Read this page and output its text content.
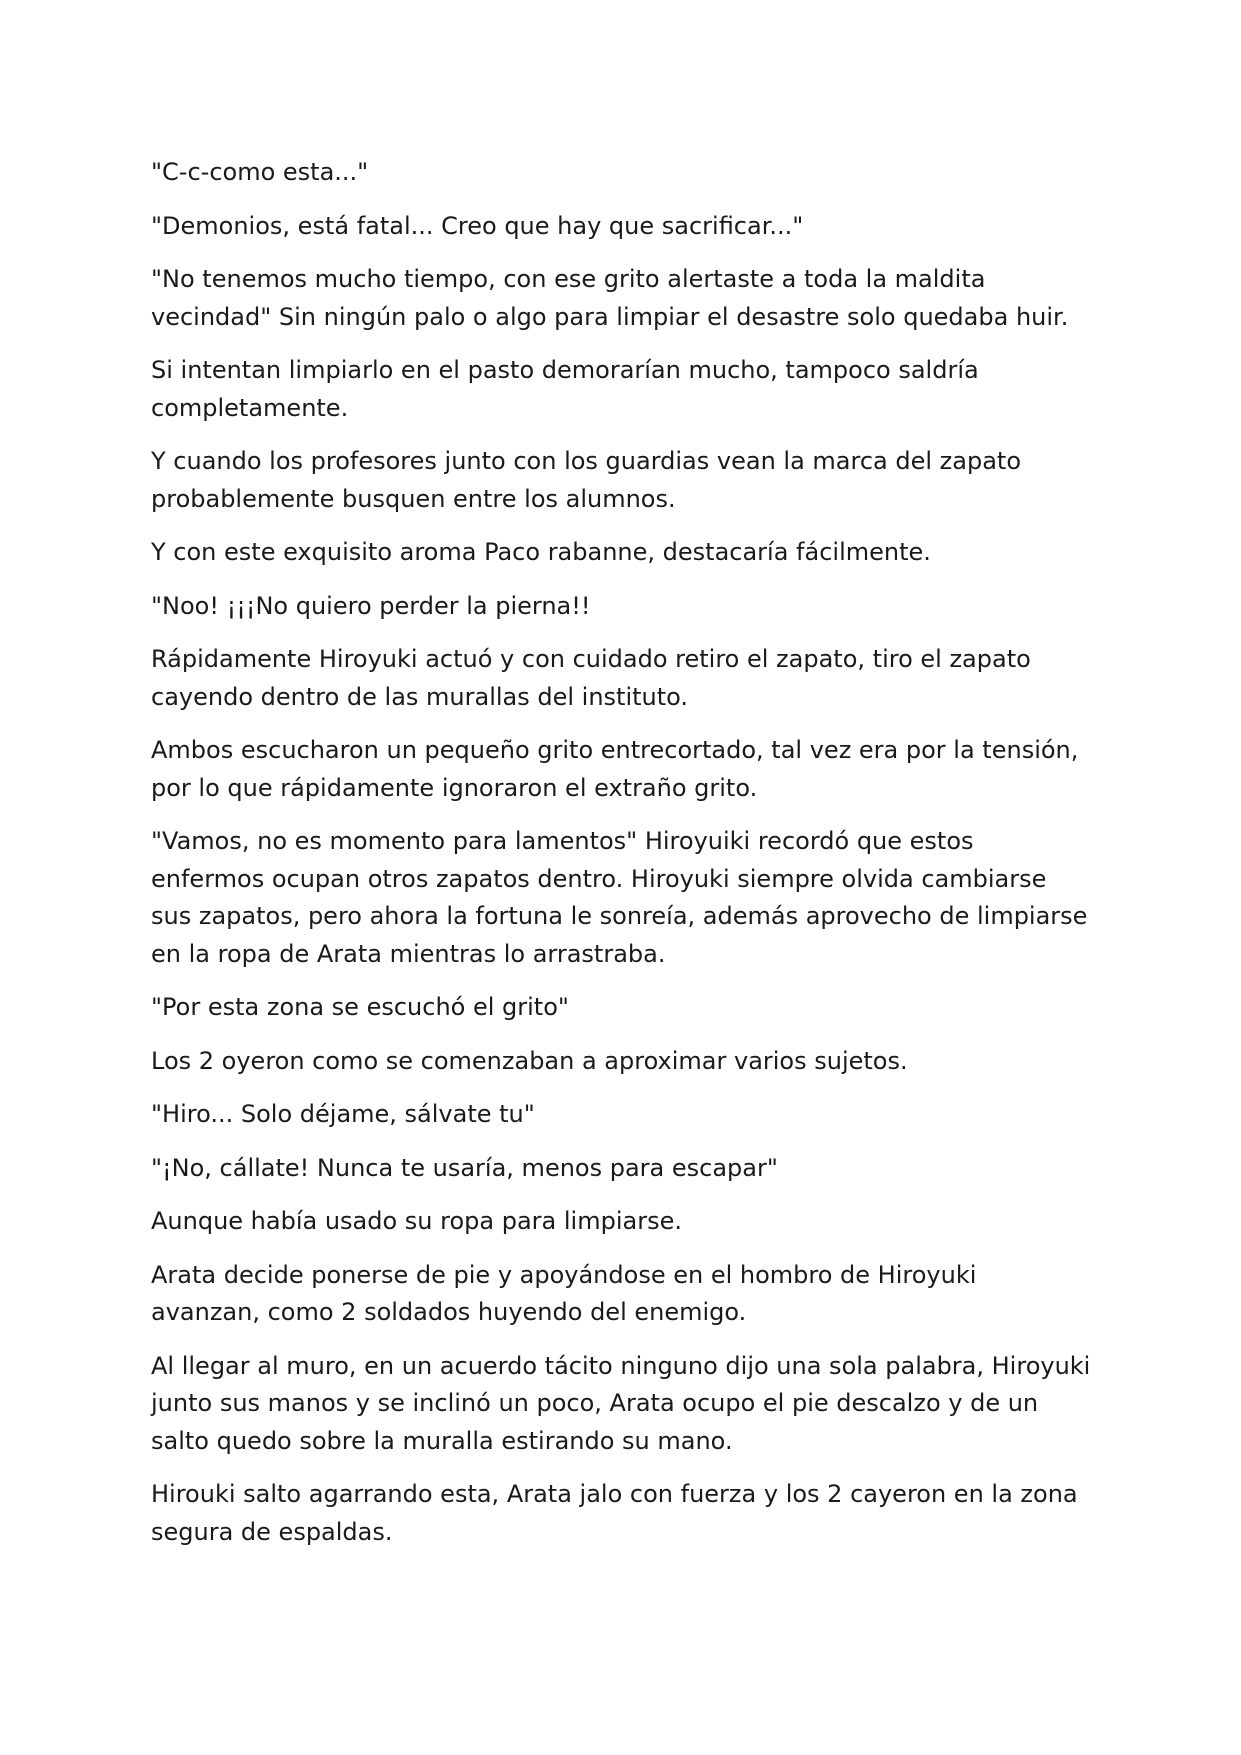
"C-c-como esta..."

"Demonios, está fatal... Creo que hay que sacrificar..."

"No tenemos mucho tiempo, con ese grito alertaste a toda la maldita vecindad" Sin ningún palo o algo para limpiar el desastre solo quedaba huir.

Si intentan limpiarlo en el pasto demorarían mucho, tampoco saldría completamente.

Y cuando los profesores junto con los guardias vean la marca del zapato probablemente busquen entre los alumnos.

Y con este exquisito aroma Paco rabanne, destacaría fácilmente.

"Noo! ¡¡¡No quiero perder la pierna!!

Rápidamente Hiroyuki actuó y con cuidado retiro el zapato, tiro el zapato cayendo dentro de las murallas del instituto.

Ambos escucharon un pequeño grito entrecortado, tal vez era por la tensión, por lo que rápidamente ignoraron el extraño grito.

"Vamos, no es momento para lamentos" Hiroyuiki recordó que estos enfermos ocupan otros zapatos dentro. Hiroyuki siempre olvida cambiarse sus zapatos, pero ahora la fortuna le sonreía, además aprovecho de limpiarse en la ropa de Arata mientras lo arrastraba.

"Por esta zona se escuchó el grito"

Los 2 oyeron como se comenzaban a aproximar varios sujetos.

"Hiro... Solo déjame, sálvate tu"

"¡No, cállate! Nunca te usaría, menos para escapar"

Aunque había usado su ropa para limpiarse.

Arata decide ponerse de pie y apoyándose en el hombro de Hiroyuki avanzan, como 2 soldados huyendo del enemigo.

Al llegar al muro, en un acuerdo tácito ninguno dijo una sola palabra, Hiroyuki junto sus manos y se inclinó un poco, Arata ocupo el pie descalzo y de un salto quedo sobre la muralla estirando su mano.

Hirouki salto agarrando esta, Arata jalo con fuerza y los 2 cayeron en la zona segura de espaldas.
